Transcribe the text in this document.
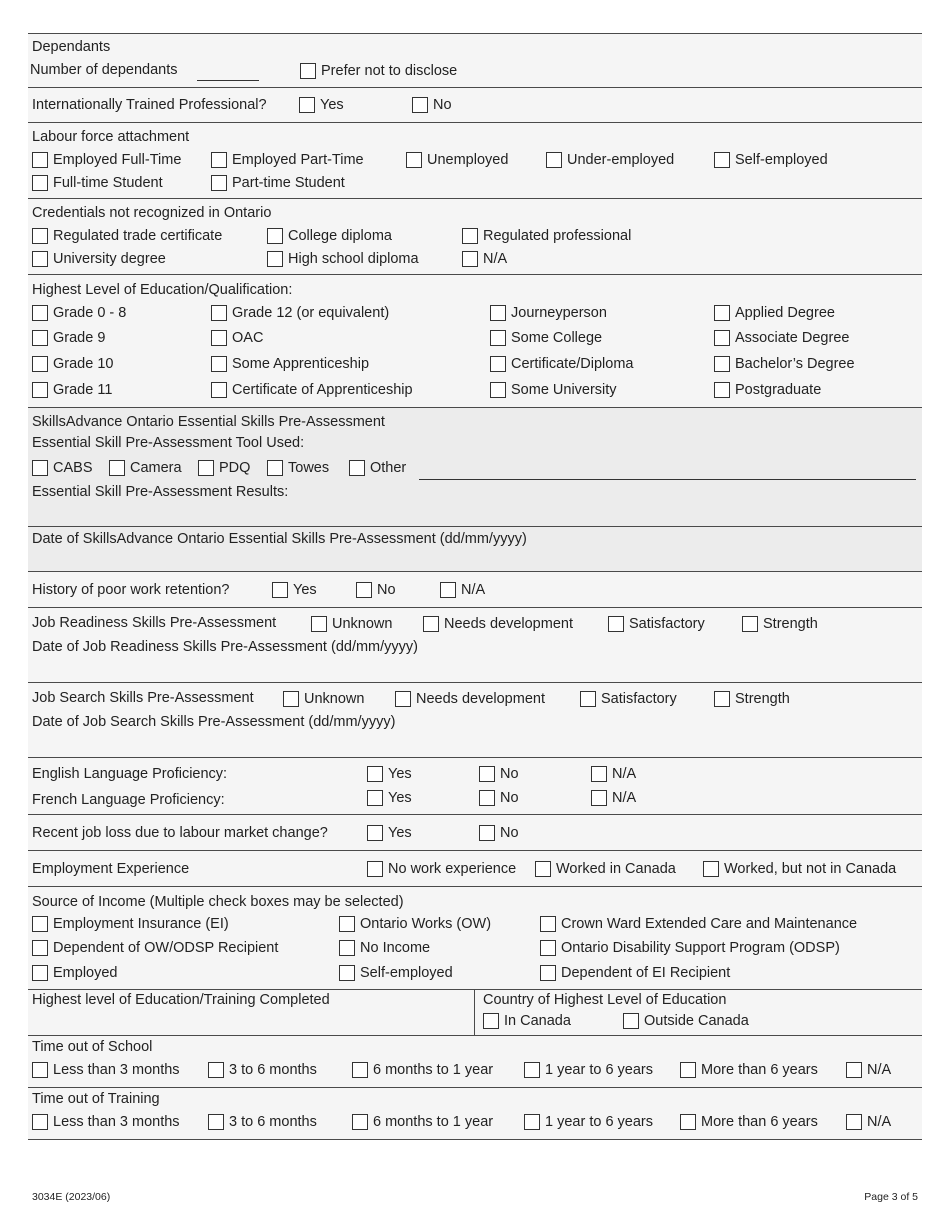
Dependants
Number of dependants	Prefer not to disclose
Internationally Trained Professional?	Yes	No
Labour force attachment
Employed Full-Time	Employed Part-Time	Unemployed	Under-employed	Self-employed
Full-time Student	Part-time Student
Credentials not recognized in Ontario
Regulated trade certificate	College diploma	Regulated professional
University degree	High school diploma	N/A
Highest Level of Education/Qualification:
Grade 0 - 8	Grade 12 (or equivalent)	Journeyperson	Applied Degree
Grade 9	OAC	Some College	Associate Degree
Grade 10	Some Apprenticeship	Certificate/Diploma	Bachelor’s Degree
Grade 11	Certificate of Apprenticeship	Some University	Postgraduate
SkillsAdvance Ontario Essential Skills Pre-Assessment
Essential Skill Pre-Assessment Tool Used:
CABS	Camera	PDQ	Towes	Other
Essential Skill Pre-Assessment Results:
Date of SkillsAdvance Ontario Essential Skills Pre-Assessment (dd/mm/yyyy)
History of poor work retention?	Yes	No	N/A
Job Readiness Skills Pre-Assessment	Unknown	Needs development	Satisfactory	Strength
Date of Job Readiness Skills Pre-Assessment (dd/mm/yyyy)
Job Search Skills Pre-Assessment	Unknown	Needs development	Satisfactory	Strength
Date of Job Search Skills Pre-Assessment (dd/mm/yyyy)
English Language Proficiency:	Yes	No	N/A
French Language Proficiency:	Yes	No	N/A
Recent job loss due to labour market change?	Yes	No
Employment Experience	No work experience	Worked in Canada	Worked, but not in Canada
Source of Income (Multiple check boxes may be selected)
Employment Insurance (EI)	Ontario Works (OW)	Crown Ward Extended Care and Maintenance
Dependent of OW/ODSP Recipient	No Income	Ontario Disability Support Program (ODSP)
Employed	Self-employed	Dependent of EI Recipient
Highest level of Education/Training Completed	Country of Highest Level of Education
In Canada	Outside Canada
Time out of School
Less than 3 months	3 to 6 months	6 months to 1 year	1 year to 6 years	More than 6 years	N/A
Time out of Training
Less than 3 months	3 to 6 months	6 months to 1 year	1 year to 6 years	More than 6 years	N/A
3034E (2023/06)	Page 3 of 5
